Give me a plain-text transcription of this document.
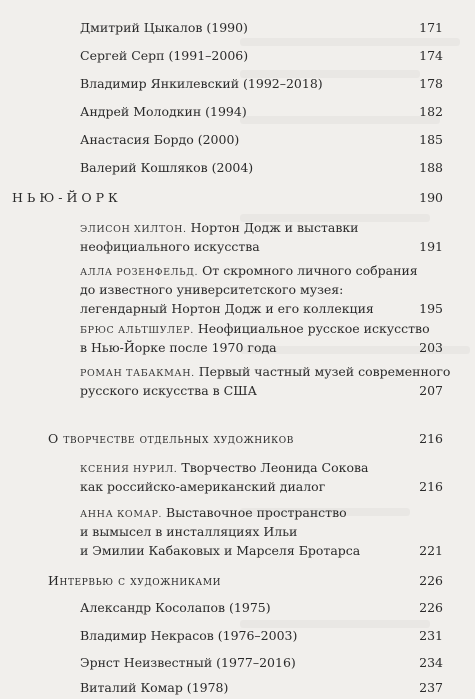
Дмитрий Цыкалов (1990)	171
Сергей Серп (1991–2006)	174
Владимир Янкилевский (1992–2018)	178
Андрей Молодкин (1994)	182
Анастасия Бордо (2000)	185
Валерий Кошляков (2004)	188
НЬЮ-ЙОРК	190
ЭЛИСОН ХИЛТОН. Нортон Додж и выставки
неофициального искусства	191
АЛЛА РОЗЕНФЕЛЬД. От скромного личного собрания
до известного университетского музея:
легендарный Нортон Додж и его коллекция	195
БРЮС АЛЬТШУЛЕР. Неофициальное русское искусство
в Нью-Йорке после 1970 года	203
РОМАН ТАБАКМАН. Первый частный музей современного
русского искусства в США	207
О творчестве отдельных художников	216
КСЕНИЯ НУРИЛ. Творчество Леонида Сокова
как российско-американский диалог	216
АННА КОМАР. Выставочное пространство
и вымысел в инсталляциях Ильи
и Эмилии Кабаковых и Марселя Бротарса	221
Интервью с художниками	226
Александр Косолапов (1975)	226
Владимир Некрасов (1976–2003)	231
Эрнст Неизвестный (1977–2016)	234
Виталий Комар (1978)	237
